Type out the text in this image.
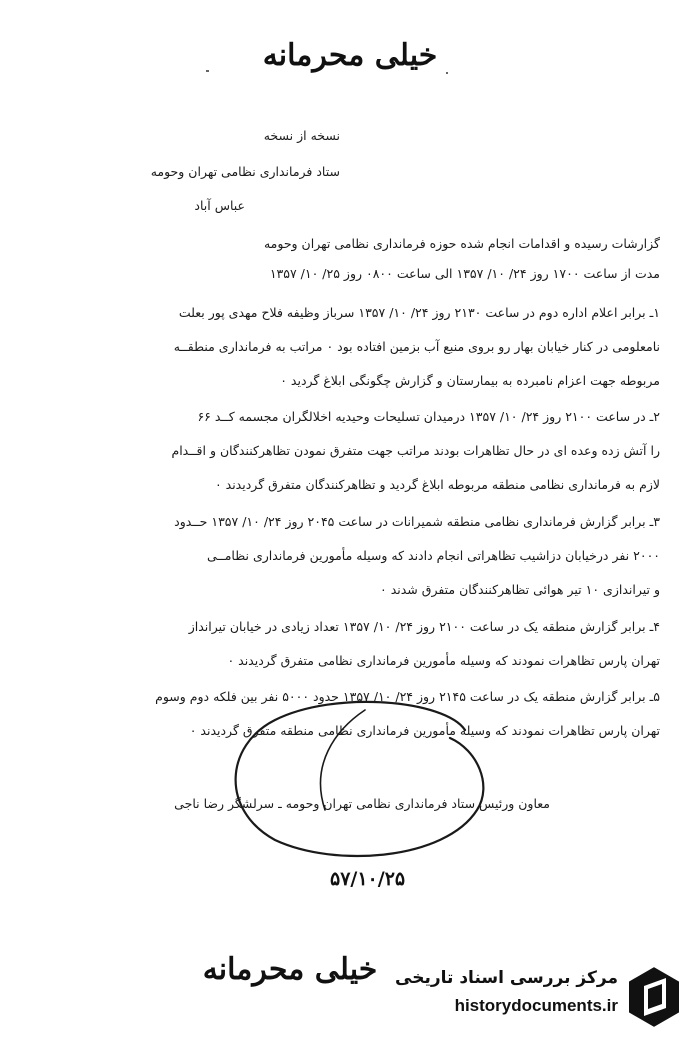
خیلی محرمانه
نسخه از نسخه
ستاد فرمانداری نظامی تهران وحومه
عباس آباد
گزارشات رسیده و اقدامات انجام شده حوزه فرمانداری نظامی تهران وحومه
مدت از ساعت ۱۷۰۰ روز ۲۴/ ۱۰/ ۱۳۵۷ الی ساعت ۰۸۰۰ روز ۲۵/ ۱۰/ ۱۳۵۷
۱ـ برابر اعلام اداره دوم در ساعت ۲۱۳۰ روز ۲۴/ ۱۰/ ۱۳۵۷ سرباز وظیفه فلاح مهدی پور بعلت
نامعلومی در کنار خیابان بهار رو بروی منبع آب بزمین افتاده بود ۰ مراتب به فرمانداری منطقــه
مربوطه جهت اعزام نامبرده به بیمارستان و گزارش چگونگی ابلاغ گردید ۰
۲ـ در ساعت ۲۱۰۰ روز ۲۴/ ۱۰/ ۱۳۵۷ درمیدان تسلیحات وحیدیه اخلالگران مجسمه کــد ۶۶
را آتش زده وعده ای در حال تظاهرات بودند مراتب جهت متفرق نمودن تظاهرکنندگان و اقــدام
لازم به فرمانداری نظامی منطقه مربوطه ابلاغ گردید و تظاهرکنندگان متفرق گردیدند ۰
۳ـ برابر گزارش فرمانداری نظامی منطقه شمیرانات در ساعت ۲۰۴۵ روز ۲۴/ ۱۰/ ۱۳۵۷ حــدود
۲۰۰۰ نفر درخیابان دزاشیب تظاهراتی انجام دادند که وسیله مأمورین فرمانداری نظامــی
و تیراندازی ۱۰ تیر هوائی تظاهرکنندگان متفرق شدند ۰
۴ـ برابر گزارش منطقه یک در ساعت ۲۱۰۰ روز ۲۴/ ۱۰/ ۱۳۵۷ تعداد زیادی در خیابان تیرانداز
تهران پارس تظاهرات نمودند که وسیله مأمورین فرمانداری نظامی متفرق گردیدند ۰
۵ـ برابر گزارش منطقه یک در ساعت ۲۱۴۵ روز ۲۴/ ۱۰/ ۱۳۵۷ حدود ۵۰۰۰ نفر بین فلکه دوم وسوم
تهران پارس تظاهرات نمودند که وسیله مأمورین فرمانداری نظامی منطقه متفرق گردیدند ۰
معاون ورئیس ستاد فرمانداری نظامی تهران وحومه ـ سرلشگر رضا ناجی
۵۷/۱۰/۲۵
خیلی محرمانه	مرکز بررسی اسناد تاریخی
historydocuments.ir
